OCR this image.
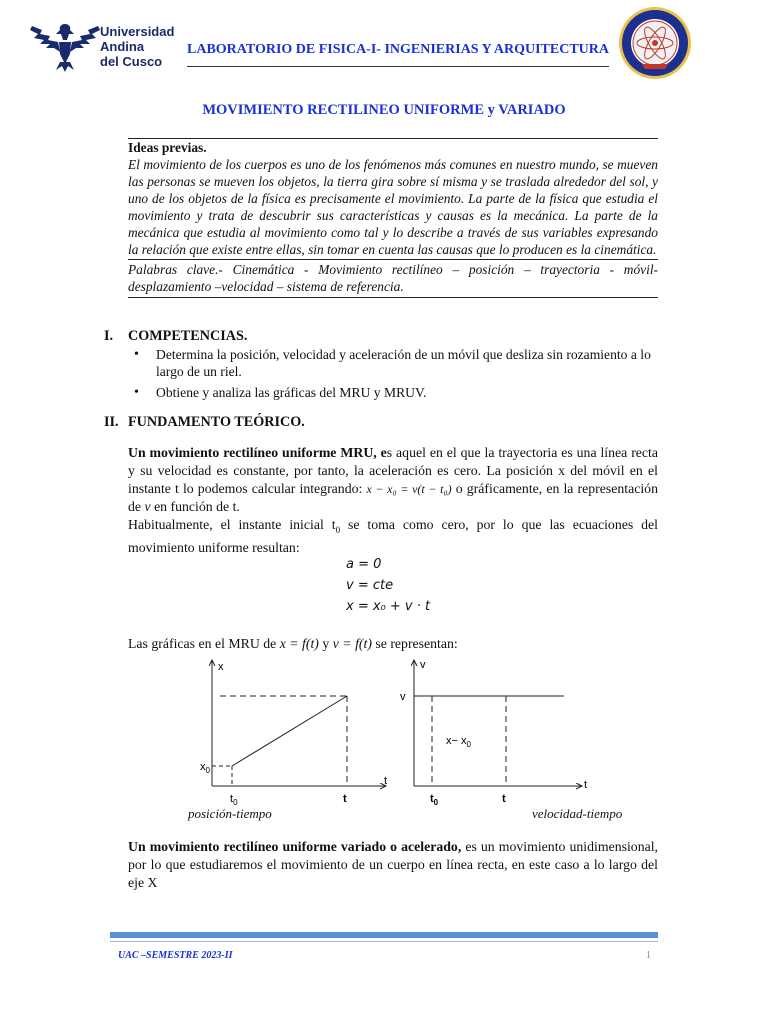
Universidad
Andina
del Cusco
LABORATORIO DE FISICA-I- INGENIERIAS Y ARQUITECTURA
MOVIMIENTO RECTILINEO UNIFORME y VARIADO
Ideas previas.
El movimiento de los cuerpos es uno de los fenómenos más comunes en nuestro mundo, se mueven las personas se mueven los objetos, la tierra gira sobre sí misma y se traslada alrededor del sol, y uno de los objetos de la física es precisamente el movimiento. La parte de la física que estudia el movimiento y trata de descubrir sus características y causas es la mecánica. La parte de la mecánica que estudia al movimiento como tal y lo describe a través de sus variables expresando la relación que existe entre ellas, sin tomar en cuenta las causas que lo producen es la cinemática.
Palabras clave.- Cinemática - Movimiento rectilíneo – posición – trayectoria - móvil-desplazamiento –velocidad – sistema de referencia.
I. COMPETENCIAS.
• Determina la posición, velocidad y aceleración de un móvil que desliza sin rozamiento a lo largo de un riel.
• Obtiene y analiza las gráficas del MRU y MRUV.
II. FUNDAMENTO TEÓRICO.
Un movimiento rectilíneo uniforme MRU, es aquel en el que la trayectoria es una línea recta y su velocidad es constante, por tanto, la aceleración es cero. La posición x del móvil en el instante t lo podemos calcular integrando: x − x₀ = v(t − t₀) o gráficamente, en la representación de v en función de t.
Habitualmente, el instante inicial $t_0$ se toma como cero, por lo que las ecuaciones del movimiento uniforme resultan:
a = 0
v = cte
x = x₀ + v · t
Las gráficas en el MRU de x = f(t) y v = f(t) se representan:
x
t
$x_0$
$t_0$	t
v
t
v
$x- x_0$
$t_0$	t
posición-tiempo	velocidad-tiempo
Un movimiento rectilíneo uniforme variado o acelerado, es un movimiento unidimensional, por lo que estudiaremos el movimiento de un cuerpo en línea recta, en este caso a lo largo del eje X
UAC –SEMESTRE 2023-II	1
